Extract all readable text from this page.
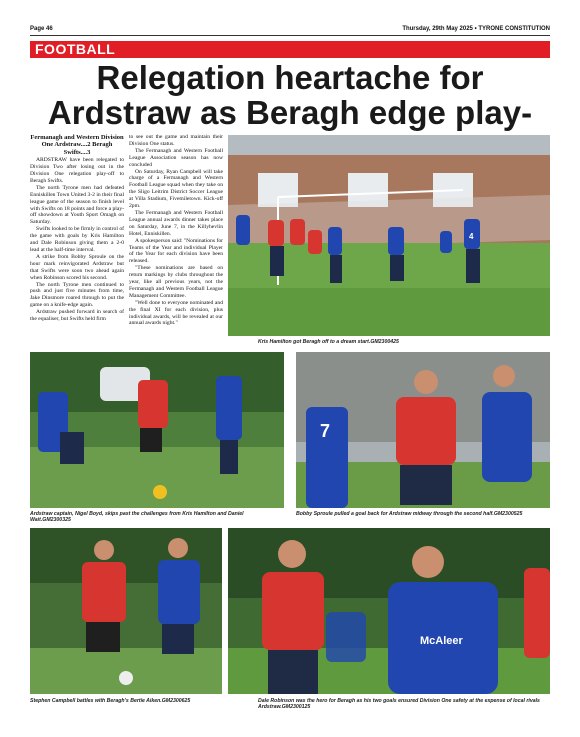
Page 46	Thursday, 29th May 2025 • TYRONE CONSTITUTION
FOOTBALL
Relegation heartache for Ardstraw as Beragh edge play-

Fermanagh and Western Division One Ardstraw....2 Beragh Swifts....3

ARDSTRAW have been relegated to Division Two after losing out in the Division One relegation play-off to Beragh Swifts.

The north Tyrone men had defeated Enniskillen Town United 3-2 in their final league game of the season to finish level with Swifts on 18 points and force a play-off showdown at Youth Sport Omagh on Saturday.

Swifts looked to be firmly in control of the game with goals by Kris Hamilton and Dale Robinson giving them a 2-0 lead at the half-time interval.

A strike from Bobby Sproule on the hour mark reinvigorated Ardstraw but that Swifts were soon two ahead again when Robinson scored his second.

The north Tyrone men continued to push and just five minutes from time, Jake Dinsmore roared through to put the game on a knife-edge again.

Ardstraw pushed forward in search of the equaliser, but Swifts held firm

to see out the game and maintain their Division One status.

The Fermanagh and Western Football League Association season has now concluded

On Saturday, Ryan Campbell will take charge of a Fermanagh and Western Football League squad when they take on the Sligo Leitrim District Soccer League at Villa Stadium, Fivemiletown. Kick-off 2pm.

The Fermanagh and Western Football League annual awards dinner takes place on Saturday, June 7, in the Killyhevlin Hotel, Enniskillen.

A spokesperson said: "Nominations for Teams of the Year and individual Player of the Year for each division have been released.

"These nominations are based on return markings by clubs throughout the year, like all previous years, not the Fermanagh and Western Football League Management Committee.

"Well done to everyone nominated and the final XI for each division, plus individual awards, will be revealed at our annual awards night."

4
Kris Hamilton got Beragh off to a dream start.GM2300425
Ardstraw captain, Nigel Boyd, skips past the challenges from Kris Hamilton and Daniel Wait.GM2300325
7
Bobby Sproule pulled a goal back for Ardstraw midway through the second half.GM2300525
Stephen Campbell battles with Beragh’s Bertie Aiken.GM2300625
McAleer
Dale Robinson was the hero for Beragh as his two goals ensured Division One safety at the expense of local rivals Ardstraw.GM2300125
